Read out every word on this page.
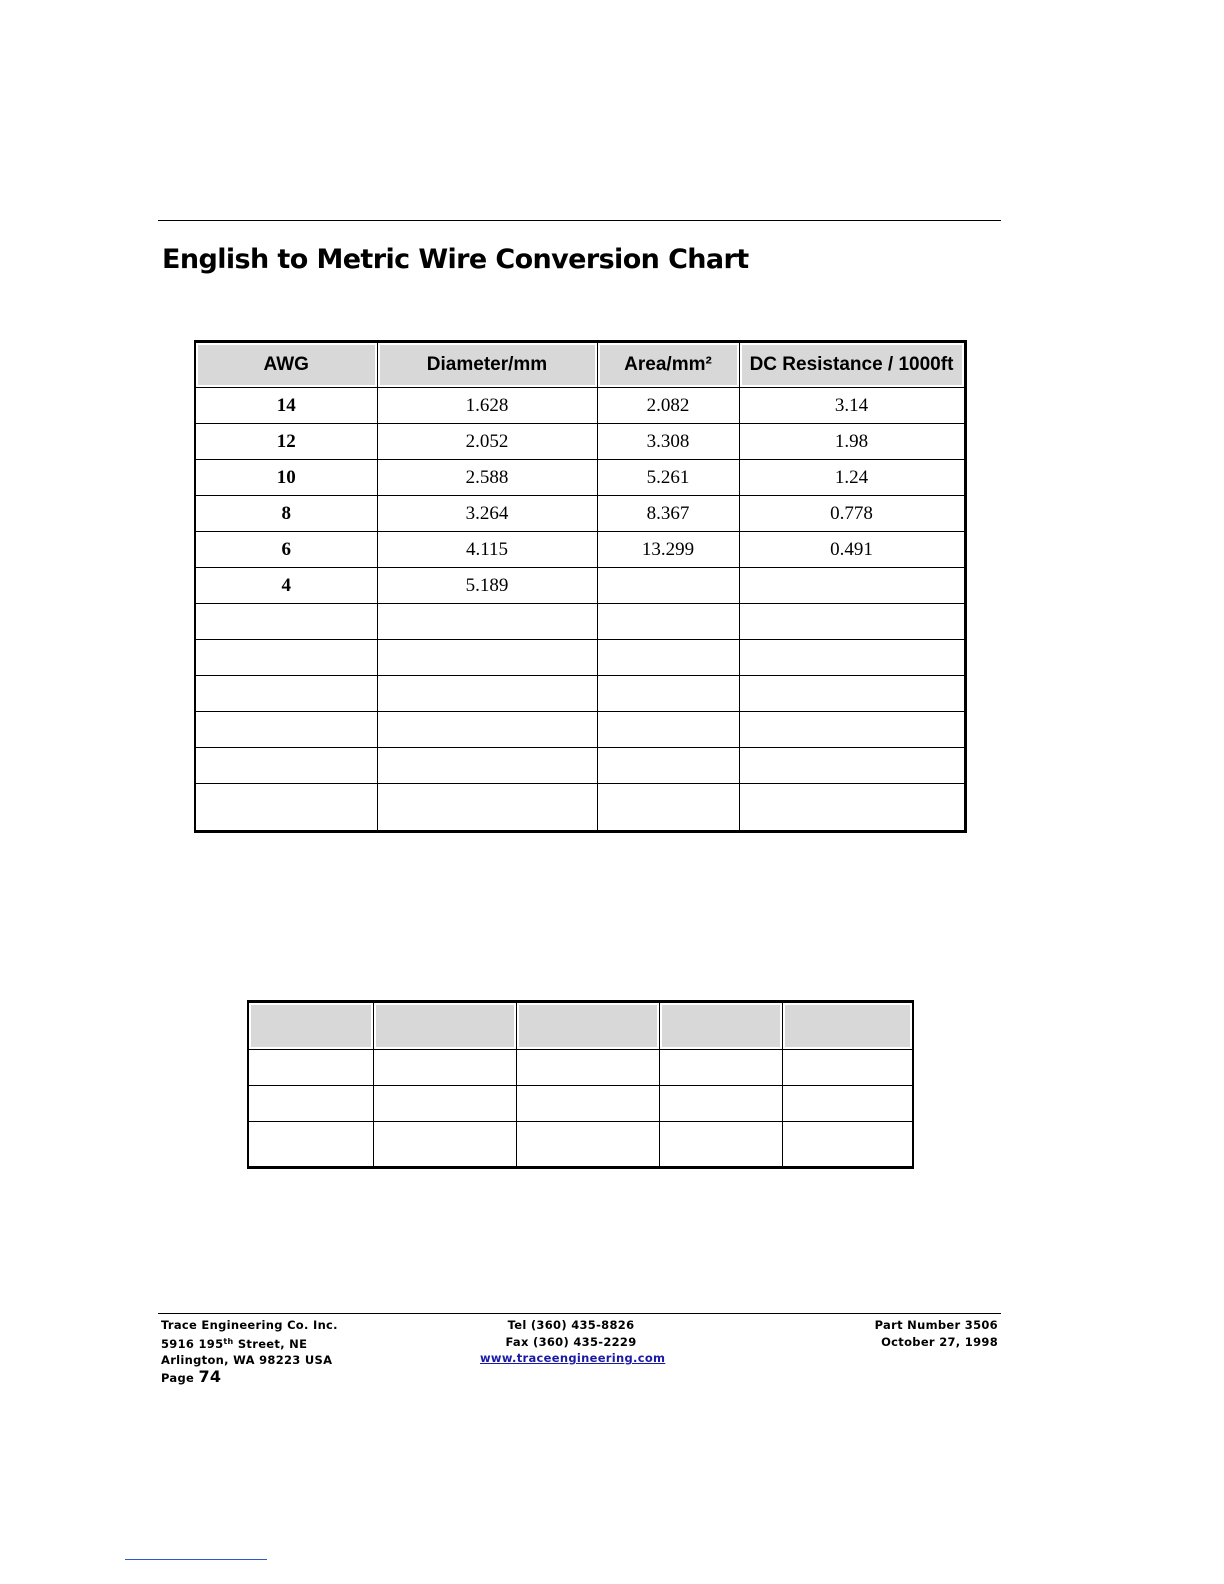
English to Metric Wire Conversion Chart
AWG	Diameter/mm	Area/mm²	DC Resistance / 1000ft
14	1.628	2.082	3.14
12	2.052	3.308	1.98
10	2.588	5.261	1.24
8	3.264	8.367	0.778
6	4.115	13.299	0.491
4	5.189		

Trace Engineering Co. Inc.
5916 195th Street, NE
Arlington, WA 98223 USA
Page 74
Tel (360) 435-8826
Fax (360) 435-2229
www.traceengineering.com
Part Number 3506
October 27, 1998
